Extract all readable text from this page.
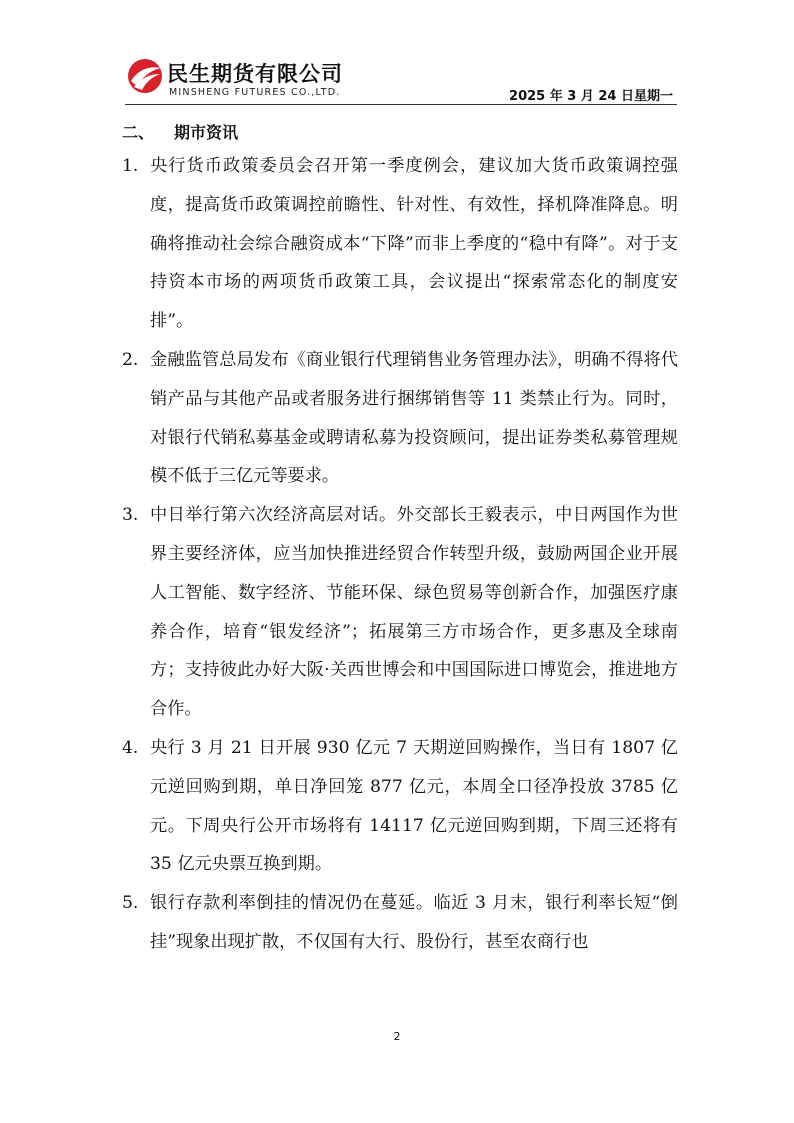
民生期货有限公司
MINSHENG FUTURES CO.,LTD.	2025 年 3 月 24 日星期一
二、 期市资讯
1. 央行货币政策委员会召开第一季度例会，建议加大货币政策调控强度，提高货币政策调控前瞻性、针对性、有效性，择机降准降息。明确将推动社会综合融资成本“下降”而非上季度的“稳中有降”。对于支持资本市场的两项货币政策工具，会议提出“探索常态化的制度安排”。
2. 金融监管总局发布《商业银行代理销售业务管理办法》，明确不得将代销产品与其他产品或者服务进行捆绑销售等 11 类禁止行为。同时，对银行代销私募基金或聘请私募为投资顾问，提出证券类私募管理规模不低于三亿元等要求。
3. 中日举行第六次经济高层对话。外交部长王毅表示，中日两国作为世界主要经济体，应当加快推进经贸合作转型升级，鼓励两国企业开展人工智能、数字经济、节能环保、绿色贸易等创新合作，加强医疗康养合作，培育“银发经济”；拓展第三方市场合作，更多惠及全球南方；支持彼此办好大阪·关西世博会和中国国际进口博览会，推进地方合作。
4. 央行 3 月 21 日开展 930 亿元 7 天期逆回购操作，当日有 1807 亿元逆回购到期，单日净回笼 877 亿元，本周全口径净投放 3785 亿元。下周央行公开市场将有 14117 亿元逆回购到期，下周三还将有 35 亿元央票互换到期。
5. 银行存款利率倒挂的情况仍在蔓延。临近 3 月末，银行利率长短“倒挂”现象出现扩散，不仅国有大行、股份行，甚至农商行也
2
